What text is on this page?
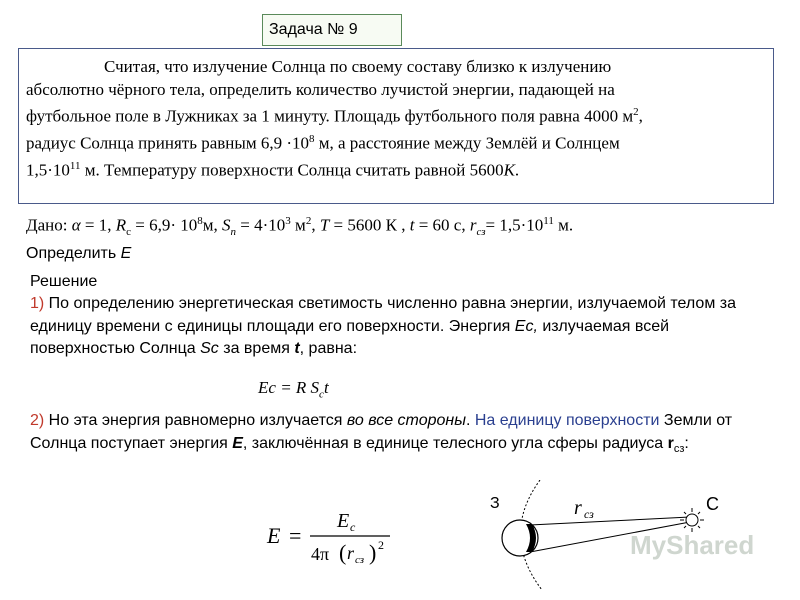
Задача № 9
Считая, что излучение Солнца по своему составу близко к излучению
абсолютно чёрного тела, определить количество лучистой энергии, падающей на
футбольное поле в Лужниках за 1 минуту. Площадь футбольного поля равна 4000 $м^2$,
радиус Солнца принять равным $6,9 \cdot 10^8$ м, а расстояние между Землёй и Солнцем
$1,5\cdot 10^{11}$ м. Температуру поверхности Солнца считать равной 5600К.
Дано: α = 1, $R_c = 6,9\cdot 10^8м$, $S_п = 4\cdot 10^3$ $м^2$, T = 5600 К , t = 60 с, $r_{сз}= 1,5\cdot 10^{11}$ м.
Определить E
Решение
1) По определению энергетическая светимость численно равна энергии, излучаемой телом за единицу времени с единицы площади его поверхности. Энергия Ес, излучаемая всей поверхностью Солнца Sс за время t, равна:
Ес = R $S_ct$
2) Но эта энергия равномерно излучается во все стороны. На единицу поверхности Земли от Солнца поступает энергия Е, заключённая в единице телесного угла сферы радиуса $r_{сз}$:
E =
E c
4π ( r сз ) 2
З	С
r сз
MyShared
